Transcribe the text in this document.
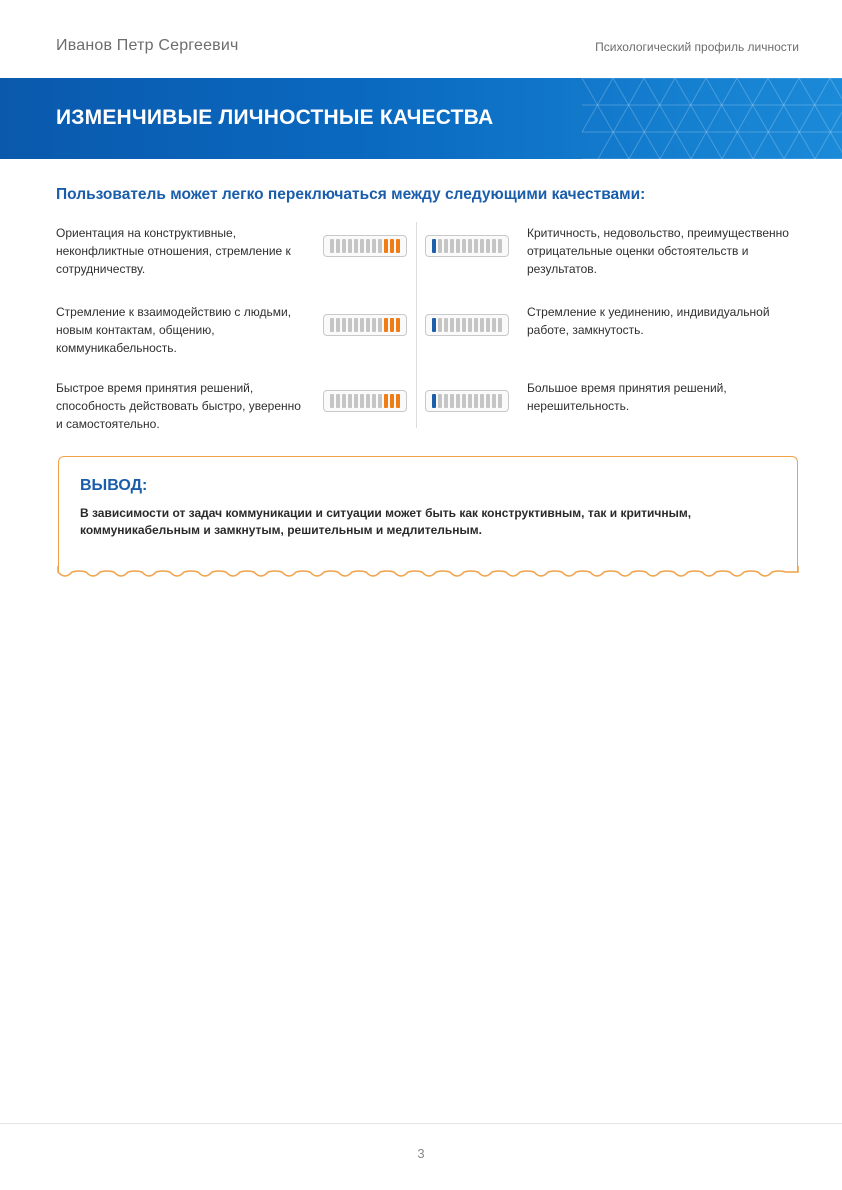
Иванов Петр Сергеевич	Психологический профиль личности
ИЗМЕНЧИВЫЕ ЛИЧНОСТНЫЕ КАЧЕСТВА
Пользователь может легко переключаться между следующими качествами:
Ориентация на конструктивные, неконфликтные отношения, стремление к сотрудничеству.
Критичность, недовольство, преимущественно отрицательные оценки обстоятельств и результатов.
Стремление к взаимодействию с людьми, новым контактам, общению, коммуникабельность.
Стремление к уединению, индивидуальной работе, замкнутость.
Быстрое время принятия решений, способность действовать быстро, уверенно и самостоятельно.
Большое время принятия решений, нерешительность.
ВЫВОД:
В зависимости от задач коммуникации и ситуации может быть как конструктивным, так и критичным, коммуникабельным и замкнутым, решительным и медлительным.
3
